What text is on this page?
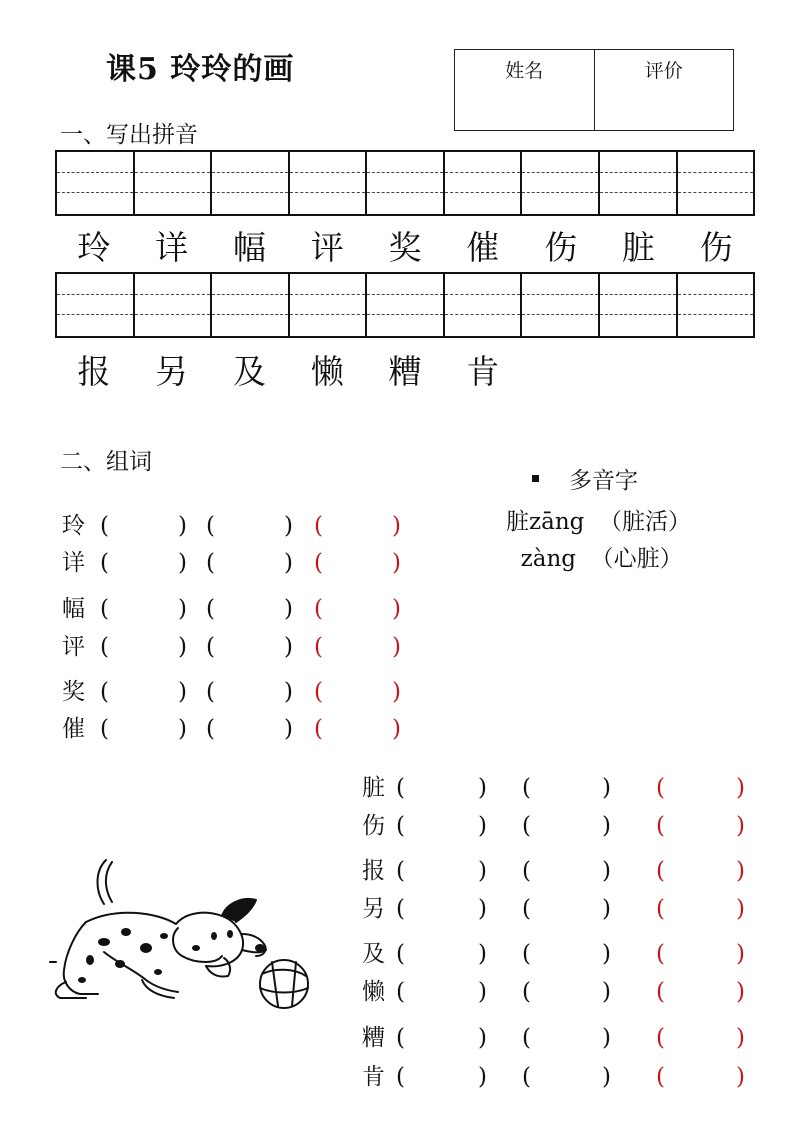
课5 玲玲的画	姓名	评价
一、写出拼音
玲	详	幅	评	奖	催	伤	脏	伤
报	另	及	懒	糟	肯
二、组词
多音字
脏zāng  （脏活）
zàng  （心脏）
玲 (	) (	) (	)
详 (	) (	) (	)
幅 (	) (	) (	)
评 (	) (	) (	)
奖 (	) (	) (	)
催 (	) (	) (	)
脏 (	) (	) (	)
伤 (	) (	) (	)
报 (	) (	) (	)
另 (	) (	) (	)
及 (	) (	) (	)
懒 (	) (	) (	)
糟 (	) (	) (	)
肯 (	) (	) (	)
